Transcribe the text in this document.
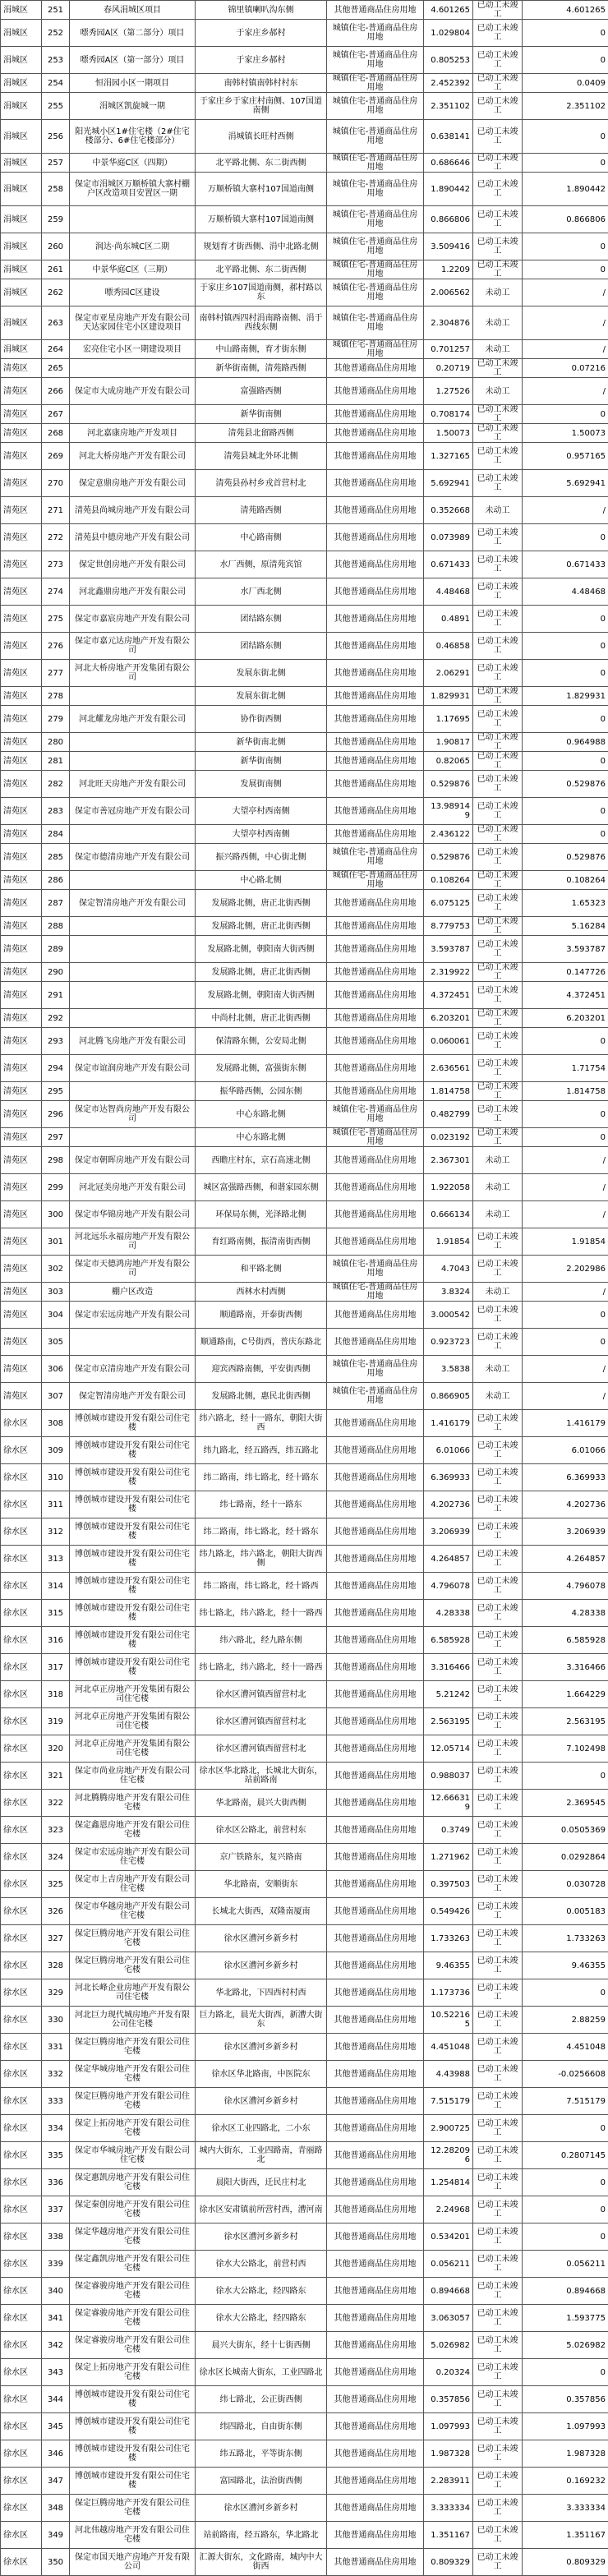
涓城区	251	春风涓城区项目	锦里镇喇叭沟东侧	其他普通商品住房用地	4.601265	已动工未竣工	4.601265
涓城区	252	嘌秀园A区（第二部分）项目	于家庄乡郝村	城镇住宅-普通商品住房用地	1.029804	已动工未竣工	0
涓城区	253	嘌秀园A区（第一部分）项目	于家庄乡郝村	城镇住宅-普通商品住房用地	0.805253	已动工未竣工	0
涓城区	254	恒涓园小区一期项目	南韩村镇南韩村村东	城镇住宅-普通商品住房用地	2.452392	已动工未竣工	0.0409
涓城区	255	涓城区凯旋城一期	于家庄乡于家庄村南侧、107国道南侧	城镇住宅-普通商品住房用地	2.351102	已动工未竣工	2.351102
涓城区	256	阳光城小区1#住宅楼（2#住宅楼部分、6#住宅楼部分）	涓城镇长旺村西侧	城镇住宅-普通商品住房用地	0.638141	已动工未竣工	0
涓城区	257	中景华庭C区（四期）	北平路北侧、东二街西侧	城镇住宅-普通商品住房用地	0.686646	已动工未竣工	0
涓城区	258	保定市涓城区万顺桥镇大寨村棚户区改造项目安置区一期	万顺桥镇大寨村107国道南侧	城镇住宅-普通商品住房用地	1.890442	已动工未竣工	1.890442
涓城区	259		万顺桥镇大寨村107国道南侧	城镇住宅-普通商品住房用地	0.866806	已动工未竣工	0.866806
涓城区	260	润达·尚东城C区二期	规划育才街西侧、涓中北路北侧	城镇住宅-普通商品住房用地	3.509416	已动工未竣工	0
涓城区	261	中景华庭C区（三期）	北平路北侧、东二街西侧	城镇住宅-普通商品住房用地	1.2209	已动工未竣工	0
涓城区	262	嘌秀园C区建设	于家庄乡107国道南侧，郝村路以东	城镇住宅-普通商品住房用地	2.006562	未动工	/
涓城区	263	保定市亚星房地产开发有限公司天达家园住宅小区建设项目	南韩村镇西四村涓南路南侧、涓于西线东侧	城镇住宅-普通商品住房用地	2.304876	未动工	/
涓城区	264	宏亮住宅小区一期建设项目	中山路南侧，育才街东侧	城镇住宅-普通商品住房用地	0.701257	未动工	/
清苑区	265		新华街南侧，清苑路西侧	其他普通商品住房用地	0.20719	已动工未竣工	0.07216
清苑区	266	保定市大成房地产开发有限公司	富强路西侧	其他普通商品住房用地	1.27526	未动工	/
清苑区	267		新华街南侧	其他普通商品住房用地	0.708174	已动工未竣工	0
清苑区	268	河北嘉康房地产开发项目	清苑县北留路西侧	其他普通商品住房用地	1.50073	已动工未竣工	1.50073
清苑区	269	河北大桥房地产开发有限公司	清苑县城北外环北侧	其他普通商品住房用地	1.327165	已动工未竣工	0.957165
清苑区	270	保定意鼎房地产开发有限公司	清苑县孙村乡戎首营村北	其他普通商品住房用地	5.692941	已动工未竣工	5.692941
清苑区	271	清苑县尚城房地产开发有限公司	清苑路西侧	其他普通商品住房用地	0.352668	未动工	/
清苑区	272	清苑县中德房地产开发有限公司	中心路南侧	其他普通商品住房用地	0.073989	已动工未竣工	0
清苑区	273	保定世创房地产开发有限公司	水厂西侧，原清苑宾馆	其他普通商品住房用地	0.671433	已动工未竣工	0.671433
清苑区	274	河北鑫鼎房地产开发有限公司	水厂西北侧	其他普通商品住房用地	4.48468	已动工未竣工	4.48468
清苑区	275	保定市嘉宸房地产开发有限公司	团结路东侧	其他普通商品住房用地	0.4891	已动工未竣工	0
清苑区	276	保定市嘉元达房地产开发有限公司	团结路东侧	其他普通商品住房用地	0.46858	已动工未竣工	0
清苑区	277	河北大桥房地产开发集团有限公司	发展东街北侧	其他普通商品住房用地	2.06291	已动工未竣工	0
清苑区	278		发展东街北侧	其他普通商品住房用地	1.829931	已动工未竣工	1.829931
清苑区	279	河北耀龙房地产开发有限公司	协作街西侧	其他普通商品住房用地	1.17695	已动工未竣工	0
清苑区	280		新华街南北侧	其他普通商品住房用地	1.90817	已动工未竣工	0.964988
清苑区	281		新华街南侧	其他普通商品住房用地	0.82065	已动工未竣工	0
清苑区	282	河北旺天房地产开发有限公司	发展街南侧	其他普通商品住房用地	0.529876	已动工未竣工	0.529876
清苑区	283	保定市善冠房地产开发有限公司	大望亭村西南侧	其他普通商品住房用地	13.989149	已动工未竣工	0
清苑区	284		大望亭村西南侧	其他普通商品住房用地	2.436122	已动工未竣工	0
清苑区	285	保定市德清房地产开发有限公司	振兴路西侧，中心街北侧	城镇住宅-普通商品住房用地	0.529876	已动工未竣工	0.529876
清苑区	286		中心路北侧	城镇住宅-普通商品住房用地	0.108264	已动工未竣工	0.108264
清苑区	287	保定智清房地产开发有限公司	发展路北侧，唐正北街西侧	其他普通商品住房用地	6.075125	已动工未竣工	1.65323
清苑区	288		发展路北侧，唐正北街西侧	其他普通商品住房用地	8.779753	已动工未竣工	5.16284
清苑区	289		发展路北侧，朝阳南大街西侧	其他普通商品住房用地	3.593787	已动工未竣工	3.593787
清苑区	290		发展路北侧，唐正北街西侧	其他普通商品住房用地	2.319922	已动工未竣工	0.147726
清苑区	291		发展路北侧，朝阳南大街西侧	其他普通商品住房用地	4.372451	已动工未竣工	4.372451
清苑区	292		中尚村北侧，唐正北街西侧	其他普通商品住房用地	6.203201	已动工未竣工	6.203201
清苑区	293	河北腾飞房地产开发有限公司	保清路东侧，公安局北侧	其他普通商品住房用地	0.060061	已动工未竣工	0
清苑区	294	保定市谊润房地产开发有限公司	发展路北侧，富强街东侧	其他普通商品住房用地	2.636561	已动工未竣工	1.71754
清苑区	295		振华路西侧，公园东侧	其他普通商品住房用地	1.814758	已动工未竣工	1.814758
清苑区	296	保定市达智尚房地产开发有限公司	中心东路北侧	城镇住宅-普通商品住房用地	0.482799	已动工未竣工	0
清苑区	297		中心东路北侧	城镇住宅-普通商品住房用地	0.023192	已动工未竣工	0
清苑区	298	保定市朝晖房地产开发有限公司	西瞻庄村东，京石高速北侧	其他普通商品住房用地	2.367301	未动工	/
清苑区	299	河北冠美房地产开发有限公司	城区富强路西侧，和谐家园东侧	其他普通商品住房用地	1.922058	未动工	/
清苑区	300	保定市华锦房地产开发有限公司	环保局东侧，光泽路北侧	其他普通商品住房用地	0.666134	未动工	/
清苑区	301	河北远乐永福房地产开发有限公司	育红路南侧，振清南街西侧	其他普通商品住房用地	1.91854	已动工未竣工	1.91854
清苑区	302	保定市天德鸿房地产开发有限公司	和平路北侧	城镇住宅-普通商品住房用地	4.7043	已动工未竣工	2.202986
清苑区	303	棚户区改造	西林水村西侧	城镇住宅-普通商品住房用地	3.8324	未动工	/
清苑区	304	保定市宏远房地产开发有限公司	顺通路南，开泰街西侧	其他普通商品住房用地	3.000542	已动工未竣工	0
清苑区	305		顺通路南，C号街西，普庆东路北	其他普通商品住房用地	0.923723	已动工未竣工	0
清苑区	306	保定市京清房地产开发有限公司	迎宾西路南侧，平安街西侧	城镇住宅-普通商品住房用地	3.5838	未动工	/
清苑区	307	保定智清房地产开发有限公司	发展路北侧，惠民北街西侧	城镇住宅-普通商品住房用地	0.866905	未动工	/
徐水区	308	博创城市建设开发有限公司住宅楼	纬六路北，经十一路东，朝阳大街西	其他普通商品住房用地	1.416179	已动工未竣工	1.416179
徐水区	309	博创城市建设开发有限公司住宅楼	纬九路北，经五路西，纬五路北	其他普通商品住房用地	6.01066	已动工未竣工	6.01066
徐水区	310	博创城市建设开发有限公司住宅楼	纬二路南，纬七路北，经十路东	其他普通商品住房用地	6.369933	已动工未竣工	6.369933
徐水区	311	博创城市建设开发有限公司住宅楼	纬七路南，经十一路东	其他普通商品住房用地	4.202736	已动工未竣工	4.202736
徐水区	312	博创城市建设开发有限公司住宅楼	纬二路南，纬七路北，经十路东	其他普通商品住房用地	3.206939	已动工未竣工	3.206939
徐水区	313	博创城市建设开发有限公司住宅楼	纬九路北，纬六路北，朝阳大街西侧	其他普通商品住房用地	4.264857	已动工未竣工	4.264857
徐水区	314	博创城市建设开发有限公司住宅楼	纬二路南，纬七路北，经十路西	其他普通商品住房用地	4.796078	已动工未竣工	4.796078
徐水区	315	博创城市建设开发有限公司住宅楼	纬七路北，纬六路北，经十一路西	其他普通商品住房用地	4.28338	已动工未竣工	4.28338
徐水区	316	博创城市建设开发有限公司住宅楼	纬六路北，经九路东侧	其他普通商品住房用地	6.585928	已动工未竣工	6.585928
徐水区	317	博创城市建设开发有限公司住宅楼	纬七路北，纬六路北，经十一路西	其他普通商品住房用地	3.316466	已动工未竣工	3.316466
徐水区	318	河北卓正房地产开发集团有限公司住宅楼	徐水区漕河镇西留营村北	其他普通商品住房用地	5.21242	已动工未竣工	1.664229
徐水区	319	河北卓正房地产开发集团有限公司住宅楼	徐水区漕河镇西留营村北	其他普通商品住房用地	2.563195	已动工未竣工	2.563195
徐水区	320	河北卓正房地产开发集团有限公司住宅楼	徐水区漕河镇西留营村北	其他普通商品住房用地	12.05714	已动工未竣工	7.102498
徐水区	321	保定市尚业房地产开发有限公司住宅楼	徐水区华北路北，长城北大街东，站前路南	其他普通商品住房用地	0.988037	已动工未竣工	0
徐水区	322	河北腾腾房地产开发有限公司住宅楼	华北路南，晨兴大街西侧	其他普通商品住房用地	12.666319	已动工未竣工	2.369545
徐水区	323	保定鑫恩房地产开发有限公司住宅楼	徐水区公路北，前营村东	其他普通商品住房用地	0.3749	已动工未竣工	0.0505369
徐水区	324	保定市宏远房地产开发有限公司住宅楼	京广铁路东，复兴路南	其他普通商品住房用地	1.271962	已动工未竣工	0.0292864
徐水区	325	保定市上吉房地产开发有限公司住宅楼	华北路南，安顺街东	其他普通商品住房用地	0.397503	已动工未竣工	0.030728
徐水区	326	保定市华越房地产开发有限公司住宅楼	长城北大街西，双隆南厦南	其他普通商品住房用地	0.549426	已动工未竣工	0.005183
徐水区	327	保定巨腾房地产开发有限公司住宅楼	徐水区漕河乡新乡村	其他普通商品住房用地	1.733263	已动工未竣工	1.733263
徐水区	328	保定巨腾房地产开发有限公司住宅楼	徐水区漕河乡新乡村	其他普通商品住房用地	9.46355	已动工未竣工	9.46355
徐水区	329	河北长峰企业房地产开发有限公司住宅楼	华北路北，下四西村村西	其他普通商品住房用地	1.173736	已动工未竣工	0
徐水区	330	河北巨力现代城房地产开发有限公司住宅楼	巨力路北，晨光大街西，新漕大街东	其他普通商品住房用地	10.522165	已动工未竣工	2.88259
徐水区	331	保定巨腾房地产开发有限公司住宅楼	徐水区漕河乡新乡村	其他普通商品住房用地	4.451048	已动工未竣工	4.451048
徐水区	332	保定华城房地产开发有限公司住宅楼	徐水区华北路南，中医院东	其他普通商品住房用地	4.43988	已动工未竣工	-0.0256608
徐水区	333	保定巨腾房地产开发有限公司住宅楼	徐水区漕河乡新乡村	其他普通商品住房用地	7.515179	已动工未竣工	7.515179
徐水区	334	保定上拓房地产开发有限公司住宅楼	徐水区工业四路北，二小东	其他普通商品住房用地	2.900725	已动工未竣工	0
徐水区	335	保定市华城房地产开发有限公司住宅楼	城内大街东，工业四路南，青丽路北	其他普通商品住房用地	12.282096	已动工未竣工	0.2807145
徐水区	336	保定惠凯房地产开发有限公司住宅楼	晨阳大街西，迁民庄村北	其他普通商品住房用地	1.254814	已动工未竣工	0
徐水区	337	保定秦创房地产开发有限公司住宅楼	徐水区安肃镇前所营村西，漕河南	其他普通商品住房用地	2.24968	已动工未竣工	0
徐水区	338	保定华越房地产开发有限公司住宅楼	徐水区漕河乡新乡村	其他普通商品住房用地	0.534201	已动工未竣工	0
徐水区	339	保定鑫凯房地产开发有限公司住宅楼	徐水大公路北，前营村西	其他普通商品住房用地	0.056211	已动工未竣工	0.056211
徐水区	340	保定睿骏房地产开发有限公司住宅楼	徐水大公路北，经四路东	其他普通商品住房用地	0.894668	已动工未竣工	0.894668
徐水区	341	保定睿骏房地产开发有限公司住宅楼	徐水大公路北，经四路东	其他普通商品住房用地	3.063057	已动工未竣工	1.593775
徐水区	342	保定睿骏房地产开发有限公司住宅楼	晨兴大街东，经十七街西侧	其他普通商品住房用地	5.026982	已动工未竣工	5.026982
徐水区	343	保定上拓房地产开发有限公司住宅楼	徐水区长城南大街东，工业四路北	其他普通商品住房用地	0.20324	已动工未竣工	0
徐水区	344	博创城市建设开发有限公司住宅楼	纬七路北，公正街西侧	其他普通商品住房用地	0.357856	已动工未竣工	0.357856
徐水区	345	博创城市建设开发有限公司住宅楼	纬四路北，自由街东侧	其他普通商品住房用地	1.097993	已动工未竣工	1.097993
徐水区	346	博创城市建设开发有限公司住宅楼	纬五路北，平等街东侧	其他普通商品住房用地	1.987328	已动工未竣工	1.987328
徐水区	347	博创城市建设开发有限公司住宅楼	富园路北，法治街西侧	其他普通商品住房用地	2.283911	已动工未竣工	0.169232
徐水区	348	保定巨腾房地产开发有限公司住宅楼	徐水区漕河乡新乡村	其他普通商品住房用地	3.333334	已动工未竣工	3.333334
徐水区	349	河北伟越房地产开发有限公司住宅楼	站前路南，经五路东，华北路北	其他普通商品住房用地	1.351167	已动工未竣工	1.351167
徐水区	350	保定市国天地产房地产开发有限公司	汇源大街东，文化路南，城内中大街西	其他普通商品住房用地	0.809329	已动工未竣工	0.809329
